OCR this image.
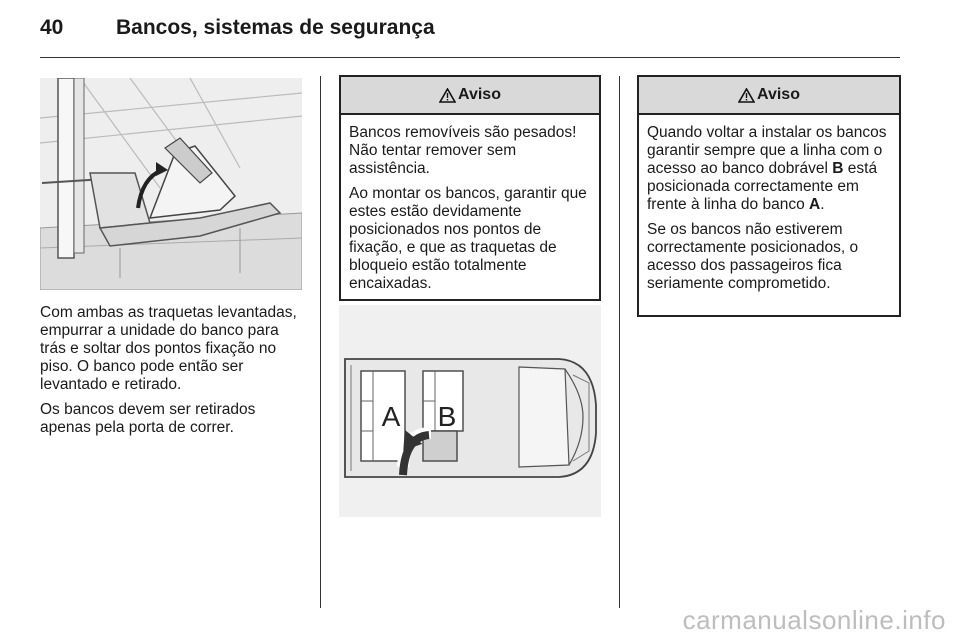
40	Bancos, sistemas de segurança

Com ambas as traquetas levantadas, empurrar a unidade do banco para trás e soltar dos pontos fixação no piso. O banco pode então ser levantado e retirado.

Os bancos devem ser retirados apenas pela porta de correr.

Aviso

Bancos removíveis são pesados! Não tentar remover sem assistência.

Ao montar os bancos, garantir que estes estão devidamente posicionados nos pontos de fixação, e que as traquetas de bloqueio estão totalmente encaixadas.

A B
Aviso

Quando voltar a instalar os bancos garantir sempre que a linha com o acesso ao banco dobrável B está posicionada correctamente em frente à linha do banco A.

Se os bancos não estiverem correctamente posicionados, o acesso dos passageiros fica seriamente comprometido.

carmanualsonline.info
